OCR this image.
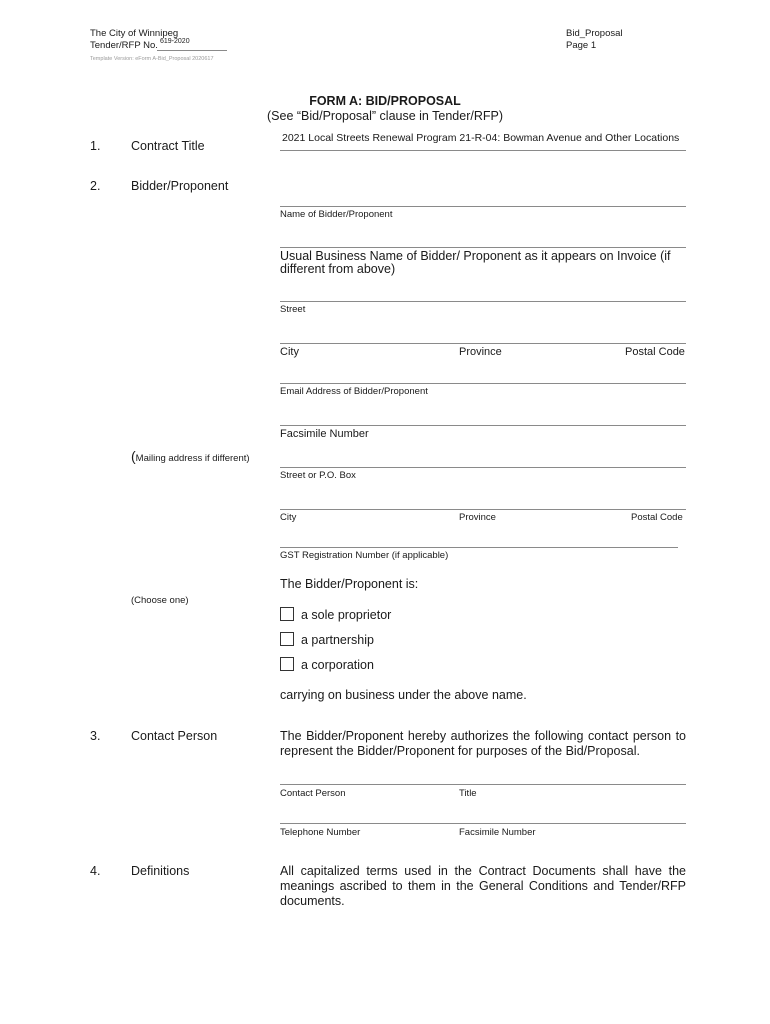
The City of Winnipeg
Tender/RFP No. 619-2020
Bid_Proposal
Page 1
Template Version: eForm A-Bid_Proposal 2020617
FORM A: BID/PROPOSAL
(See “Bid/Proposal” clause in Tender/RFP)
1. Contract Title
2021 Local Streets Renewal Program 21-R-04: Bowman Avenue and Other Locations
2. Bidder/Proponent
Name of Bidder/Proponent
Usual Business Name of Bidder/ Proponent as it appears on Invoice (if different from above)
Street
City	Province	Postal Code
Email Address of Bidder/Proponent
Facsimile Number
(Mailing address if different)
Street or P.O. Box
City	Province	Postal Code
GST Registration Number (if applicable)
The Bidder/Proponent is:
(Choose one)
a sole proprietor
a partnership
a corporation
carrying on business under the above name.
3. Contact Person	The Bidder/Proponent hereby authorizes the following contact person to represent the Bidder/Proponent for purposes of the Bid/Proposal.
Contact Person	Title
Telephone Number	Facsimile Number
4. Definitions	All capitalized terms used in the Contract Documents shall have the meanings ascribed to them in the General Conditions and Tender/RFP documents.
